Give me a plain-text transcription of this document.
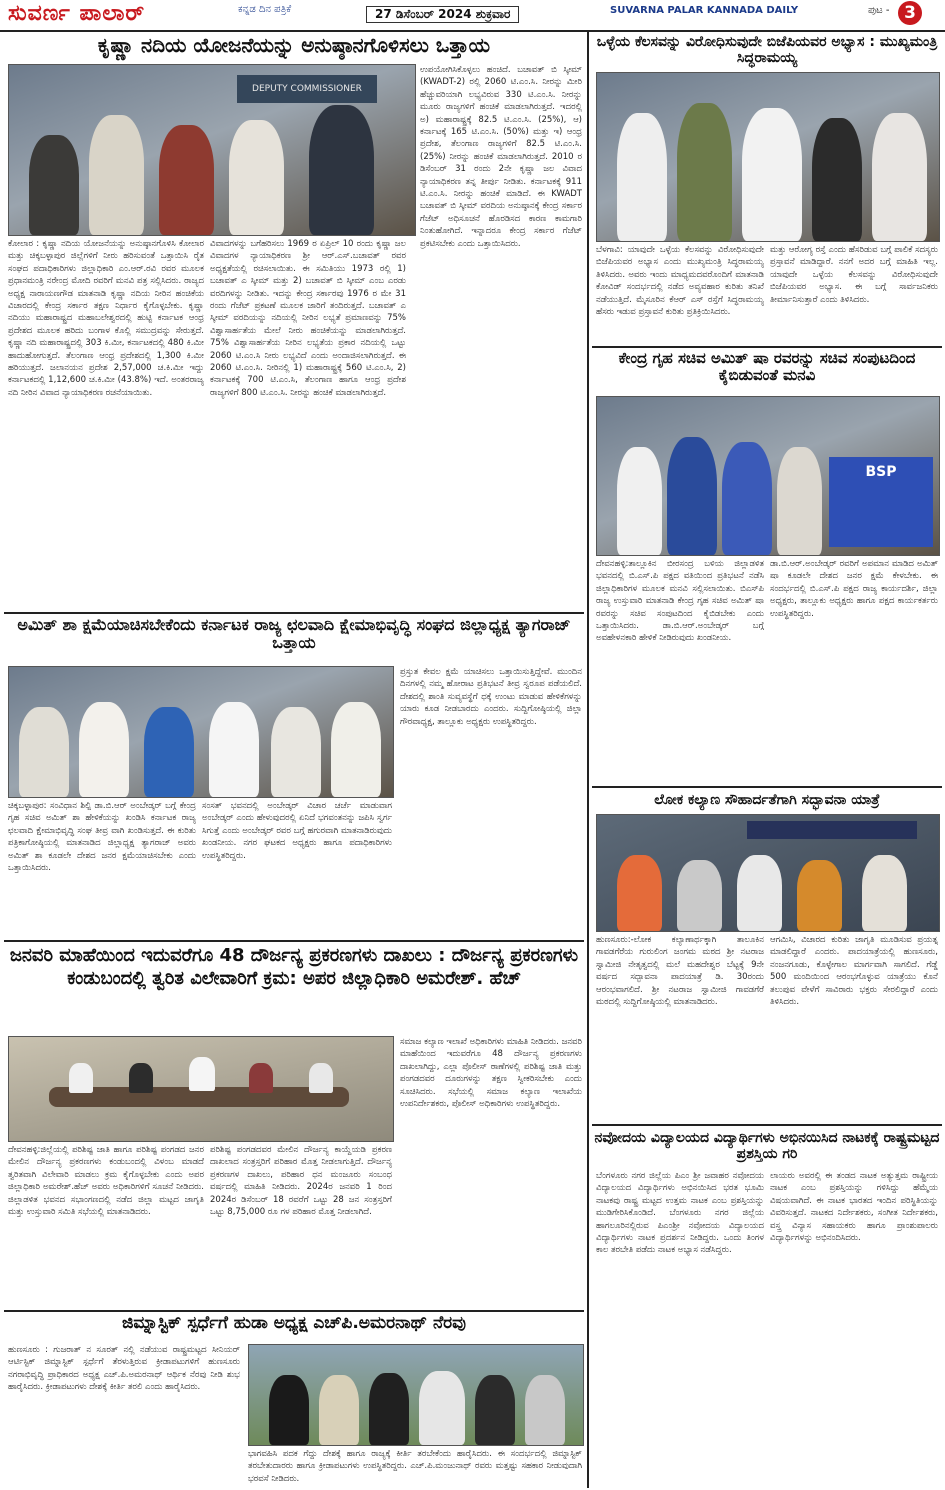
ಸುವರ್ಣ ಪಾಲಾರ್	ಕನ್ನಡ ದಿನ ಪತ್ರಿಕೆ	27 ಡಿಸೆಂಬರ್ 2024 ಶುಕ್ರವಾರ	SUVARNA PALAR KANNADA DAILY	ಪುಟ - 3
ಕೃಷ್ಣಾ ನದಿಯ ಯೋಜನೆಯನ್ನು ಅನುಷ್ಠಾನಗೊಳಿಸಲು ಒತ್ತಾಯ
DEPUTY COMMISSIONER
ಕೋಲಾರ : ಕೃಷ್ಣಾ ನದಿಯ ಯೋಜನೆಯನ್ನು ಅನುಷ್ಠಾನಗೊಳಿಸಿ ಕೋಲಾರ ಮತ್ತು ಚಿಕ್ಕಬಳ್ಳಾಪುರ ಜಿಲ್ಲೆಗಳಿಗೆ ನೀರು ಹರಿಸುವಂತೆ ಒತ್ತಾಯಿಸಿ ರೈತ ಸಂಘದ ಪದಾಧಿಕಾರಿಗಳು ಜಿಲ್ಲಾಧಿಕಾರಿ ಎಂ.ಆರ್.ರವಿ ರವರ ಮೂಲಕ ಪ್ರಧಾನಮಂತ್ರಿ ನರೇಂದ್ರ ಮೋದಿ ರವರಿಗೆ ಮನವಿ ಪತ್ರ ಸಲ್ಲಿಸಿದರು. ರಾಜ್ಯದ ಅಧ್ಯಕ್ಷ ನಾರಾಯಣಗೌಡ ಮಾತನಾಡಿ ಕೃಷ್ಣಾ ನದಿಯ ನೀರಿನ ಹಂಚಿಕೆಯ ವಿಚಾರದಲ್ಲಿ ಕೇಂದ್ರ ಸರ್ಕಾರ ತಕ್ಷಣ ನಿರ್ಧಾರ ಕೈಗೊಳ್ಳಬೇಕು. ಕೃಷ್ಣಾ ನದಿಯು ಮಹಾರಾಷ್ಟ್ರದ ಮಹಾಬಲೇಶ್ವರದಲ್ಲಿ ಹುಟ್ಟಿ ಕರ್ನಾಟಕ ಆಂಧ್ರ ಪ್ರದೇಶದ ಮೂಲಕ ಹರಿದು ಬಂಗಾಳ ಕೊಲ್ಲಿ ಸಮುದ್ರವನ್ನು ಸೇರುತ್ತದೆ. ಕೃಷ್ಣಾ ನದಿ ಮಹಾರಾಷ್ಟ್ರದಲ್ಲಿ 303 ಕಿ.ಮೀ, ಕರ್ನಾಟಕದಲ್ಲಿ 480 ಕಿ.ಮೀ ಹಾದುಹೋಗುತ್ತದೆ. ತೆಲಂಗಾಣ ಆಂಧ್ರ ಪ್ರದೇಶದಲ್ಲಿ 1,300 ಕಿ.ಮೀ ಹರಿಯುತ್ತದೆ. ಜಲಾನಯನ ಪ್ರದೇಶ 2,57,000 ಚ.ಕಿ.ಮೀ ಇದ್ದು ಕರ್ನಾಟಕದಲ್ಲಿ 1,12,600 ಚ.ಕಿ.ಮೀ (43.8%) ಇದೆ. ಅಂತರರಾಜ್ಯ ನದಿ ನೀರಿನ ವಿವಾದ ನ್ಯಾಯಾಧಿಕರಣ ರಚನೆಯಾಯಿತು.
ವಿವಾದಗಳನ್ನು ಬಗೆಹರಿಸಲು 1969 ರ ಏಪ್ರಿಲ್ 10 ರಂದು ಕೃಷ್ಣಾ ಜಲ ವಿವಾದಗಳ ನ್ಯಾಯಾಧಿಕರಣ ಶ್ರೀ ಆರ್.ಎಸ್.ಬಚಾವತ್ ರವರ ಅಧ್ಯಕ್ಷತೆಯಲ್ಲಿ ರಚಿಸಲಾಯಿತು. ಈ ಸಮಿತಿಯು 1973 ರಲ್ಲಿ 1) ಬಚಾವತ್ ಎ ಸ್ಕೀಮ್ ಮತ್ತು 2) ಬಚಾವತ್ ಬಿ ಸ್ಕೀಮ್ ಎಂಬ ಎರಡು ವರದಿಗಳನ್ನು ನೀಡಿತು. ಇದನ್ನು ಕೇಂದ್ರ ಸರ್ಕಾರವು 1976 ರ ಮೇ 31 ರಂದು ಗೆಜೆಟ್ ಪ್ರಕಟಣೆ ಮೂಲಕ ಜಾರಿಗೆ ತಂದಿರುತ್ತದೆ. ಬಚಾವತ್ ಎ ಸ್ಕೀಮ್ ವರದಿಯನ್ನು ನದಿಯಲ್ಲಿ ನೀರಿನ ಲಭ್ಯತೆ ಪ್ರಮಾಣವನ್ನು 75% ವಿಶ್ವಾಸಾರ್ಹತೆಯ ಮೇಲೆ ನೀರು ಹಂಚಿಕೆಯನ್ನು ಮಾಡಲಾಗಿರುತ್ತದೆ. 75% ವಿಶ್ವಾಸಾರ್ಹತೆಯ ನೀರಿನ ಲಭ್ಯತೆಯ ಪ್ರಕಾರ ನದಿಯಲ್ಲಿ ಒಟ್ಟು 2060 ಟಿ.ಎಂ.ಸಿ ನೀರು ಲಭ್ಯವಿದೆ ಎಂದು ಅಂದಾಜಿಸಲಾಗಿರುತ್ತದೆ. ಈ 2060 ಟಿ.ಎಂ.ಸಿ. ನೀರಿನಲ್ಲಿ 1) ಮಹಾರಾಷ್ಟ್ರಕ್ಕೆ 560 ಟಿ.ಎಂ.ಸಿ, 2) ಕರ್ನಾಟಕಕ್ಕೆ 700 ಟಿ.ಎಂ.ಸಿ, ತೆಲಂಗಾಣ ಹಾಗೂ ಆಂಧ್ರ ಪ್ರದೇಶ ರಾಜ್ಯಗಳಿಗೆ 800 ಟಿ.ಎಂ.ಸಿ. ನೀರನ್ನು ಹಂಚಿಕೆ ಮಾಡಲಾಗಿರುತ್ತದೆ.
ಉಪಯೋಗಿಸಿಕೊಳ್ಳಲು ಹಂಚಿದೆ. ಬಚಾವತ್ ಬಿ ಸ್ಕೀಮ್ (KWADT-2) ರಲ್ಲಿ 2060 ಟಿ.ಎಂ.ಸಿ. ನೀರನ್ನು ಮೀರಿ ಹೆಚ್ಚುವರಿಯಾಗಿ ಲಭ್ಯವಿರುವ 330 ಟಿ.ಎಂ.ಸಿ. ನೀರನ್ನು ಮೂರು ರಾಜ್ಯಗಳಿಗೆ ಹಂಚಿಕೆ ಮಾಡಲಾಗಿರುತ್ತದೆ. ಇದರಲ್ಲಿ ಅ) ಮಹಾರಾಷ್ಟ್ರಕ್ಕೆ 82.5 ಟಿ.ಎಂ.ಸಿ. (25%), ಆ) ಕರ್ನಾಟಕ್ಕೆ 165 ಟಿ.ಎಂ.ಸಿ. (50%) ಮತ್ತು ಇ) ಆಂಧ್ರ ಪ್ರದೇಶ, ತೆಲಂಗಾಣ ರಾಜ್ಯಗಳಿಗೆ 82.5 ಟಿ.ಎಂ.ಸಿ. (25%) ನೀರನ್ನು ಹಂಚಿಕೆ ಮಾಡಲಾಗಿರುತ್ತದೆ. 2010 ರ ಡಿಸೆಂಬರ್ 31 ರಂದು 2ನೇ ಕೃಷ್ಣಾ ಜಲ ವಿವಾದ ನ್ಯಾಯಾಧಿಕರಣ ತನ್ನ ತೀರ್ಪು ನೀಡಿತು. ಕರ್ನಾಟಕಕ್ಕೆ 911 ಟಿ.ಎಂ.ಸಿ. ನೀರನ್ನು ಹಂಚಿಕೆ ಮಾಡಿದೆ. ಈ KWADT ಬಚಾವತ್ ಬಿ ಸ್ಕೀಮ್ ವರದಿಯ ಅನುಷ್ಠಾನಕ್ಕೆ ಕೇಂದ್ರ ಸರ್ಕಾರ ಗೆಜೆಟ್ ಅಧಿಸೂಚನೆ ಹೊರಡಿಸದ ಕಾರಣ ಕಾಮಗಾರಿ ನಿಂತುಹೋಗಿದೆ. ಇನ್ನಾದರೂ ಕೇಂದ್ರ ಸರ್ಕಾರ ಗೆಜೆಟ್ ಪ್ರಕಟಿಸಬೇಕು ಎಂದು ಒತ್ತಾಯಿಸಿದರು.
ಒಳ್ಳೆಯ ಕೆಲಸವನ್ನು ವಿರೋಧಿಸುವುದೇ ಬಿಜೆಪಿಯವರ ಅಭ್ಯಾಸ : ಮುಖ್ಯಮಂತ್ರಿ ಸಿದ್ಧರಾಮಯ್ಯ
ಬೆಳಗಾವಿ: ಯಾವುದೇ ಒಳ್ಳೆಯ ಕೆಲಸವನ್ನು ವಿರೋಧಿಸುವುದೇ ಬಿಜೆಪಿಯವರ ಅಭ್ಯಾಸ ಎಂದು ಮುಖ್ಯಮಂತ್ರಿ ಸಿದ್ಧರಾಮಯ್ಯ ತಿಳಿಸಿದರು. ಅವರು ಇಂದು ಮಾಧ್ಯಮದವರೊಂದಿಗೆ ಮಾತನಾಡಿ ಕೋವಿಡ್ ಸಂದರ್ಭದಲ್ಲಿ ನಡೆದ ಅವ್ಯವಹಾರ ಕುರಿತು ತನಿಖೆ ನಡೆಯುತ್ತಿದೆ. ಮೈಸೂರಿನ ಕೆಆರ್ ಎಸ್ ರಸ್ತೆಗೆ ಸಿದ್ಧರಾಮಯ್ಯ ಹೆಸರು ಇಡುವ ಪ್ರಸ್ತಾವನೆ ಕುರಿತು ಪ್ರತಿಕ್ರಿಯಿಸಿದರು.
ಮತ್ತು ಆರೋಗ್ಯ ರಸ್ತೆ ಎಂದು ಹೆಸರಿಡುವ ಬಗ್ಗೆ ಪಾಲಿಕೆ ಸದಸ್ಯರು ಪ್ರಸ್ತಾವನೆ ಮಾಡಿದ್ದಾರೆ. ನನಗೆ ಅದರ ಬಗ್ಗೆ ಮಾಹಿತಿ ಇಲ್ಲ. ಯಾವುದೇ ಒಳ್ಳೆಯ ಕೆಲಸವನ್ನು ವಿರೋಧಿಸುವುದೇ ಬಿಜೆಪಿಯವರ ಅಭ್ಯಾಸ. ಈ ಬಗ್ಗೆ ಸಾರ್ವಜನಿಕರು ತೀರ್ಮಾನಿಸುತ್ತಾರೆ ಎಂದು ತಿಳಿಸಿದರು.
ಕೇಂದ್ರ ಗೃಹ ಸಚಿವ ಅಮಿತ್ ಷಾ ರವರನ್ನು ಸಚಿವ ಸಂಪುಟದಿಂದ ಕೈಬಿಡುವಂತೆ ಮನವಿ
BSP
ದೇವನಹಳ್ಳಿ:ತಾಲ್ಲೂಕಿನ ಬೀರಸಂದ್ರ ಬಳಿಯ ಜಿಲ್ಲಾಡಳಿತ ಭವನದಲ್ಲಿ ಬಿ.ಎಸ್.ಪಿ ಪಕ್ಷದ ವತಿಯಿಂದ ಪ್ರತಿಭಟನೆ ನಡೆಸಿ ಜಿಲ್ಲಾಧಿಕಾರಿಗಳ ಮೂಲಕ ಮನವಿ ಸಲ್ಲಿಸಲಾಯಿತು. ಬಿಎಸ್‌ಪಿ ರಾಜ್ಯ ಉಸ್ತುವಾರಿ ಮಾತನಾಡಿ ಕೇಂದ್ರ ಗೃಹ ಸಚಿವ ಅಮಿತ್ ಷಾ ರವರನ್ನು ಸಚಿವ ಸಂಪುಟದಿಂದ ಕೈಬಿಡಬೇಕು ಎಂದು ಒತ್ತಾಯಿಸಿದರು. ಡಾ.ಬಿ.ಆರ್.ಅಂಬೇಡ್ಕರ್ ಬಗ್ಗೆ ಅವಹೇಳನಕಾರಿ ಹೇಳಿಕೆ ನೀಡಿರುವುದು ಖಂಡನೀಯ.
ಡಾ.ಬಿ.ಆರ್.ಅಂಬೇಡ್ಕರ್ ರವರಿಗೆ ಅಪಮಾನ ಮಾಡಿದ ಅಮಿತ್ ಷಾ ಕೂಡಲೇ ದೇಶದ ಜನರ ಕ್ಷಮೆ ಕೇಳಬೇಕು. ಈ ಸಂದರ್ಭದಲ್ಲಿ ಬಿ.ಎಸ್.ಪಿ ಪಕ್ಷದ ರಾಜ್ಯ ಕಾರ್ಯದರ್ಶಿ, ಜಿಲ್ಲಾ ಅಧ್ಯಕ್ಷರು, ತಾಲ್ಲೂಕು ಅಧ್ಯಕ್ಷರು ಹಾಗೂ ಪಕ್ಷದ ಕಾರ್ಯಕರ್ತರು ಉಪಸ್ಥಿತರಿದ್ದರು.
ಲೋಕ ಕಲ್ಯಾಣ ಸೌಹಾರ್ದತೆಗಾಗಿ ಸದ್ಭಾವನಾ ಯಾತ್ರೆ
ಹುಣಸೂರು:-ಲೋಕ ಕಲ್ಯಾಣಾರ್ಥಕ್ಕಾಗಿ ತಾಲೂಕಿನ ಗಾವಡಗೆರೆಯ ಗುರುಲಿಂಗ ಜಂಗಮ ಮಠದ ಶ್ರೀ ನಟರಾಜ ಸ್ವಾಮೀಜಿ ನೇತೃತ್ವದಲ್ಲಿ ಮಲೆ ಮಹದೇಶ್ವರ ಬೆಟ್ಟಕ್ಕೆ 9ನೇ ವರ್ಷದ ಸದ್ಭಾವನಾ ಪಾದಯಾತ್ರೆ ಡಿ. 30ರಂದು ಆರಂಭವಾಗಲಿದೆ. ಶ್ರೀ ನಟರಾಜ ಸ್ವಾಮೀಜಿ ಗಾವಡಗೆರೆ ಮಠದಲ್ಲಿ ಸುದ್ದಿಗೋಷ್ಠಿಯಲ್ಲಿ ಮಾತನಾಡಿದರು.
ಆಗಮಿಸಿ, ವಿಚಾರದ ಕುರಿತು ಜಾಗೃತಿ ಮೂಡಿಸುವ ಪ್ರಯತ್ನ ಮಾಡಲಿದ್ದಾರೆ ಎಂದರು. ಪಾದಯಾತ್ರೆಯಲ್ಲಿ ಹುಣಸೂರು, ನಂಜನಗೂಡು, ಕೊಳ್ಳೇಗಾಲ ಮಾರ್ಗವಾಗಿ ಸಾಗಲಿದೆ. ಗೆಡ್ಡೆ 500 ಮಂದಿಯಿಂದ ಆರಂಭಗೊಳ್ಳುವ ಯಾತ್ರೆಯು ಕೊನೆ ತಲುಪುವ ವೇಳೆಗೆ ಸಾವಿರಾರು ಭಕ್ತರು ಸೇರಲಿದ್ದಾರೆ ಎಂದು ತಿಳಿಸಿದರು.
ಅಮಿತ್ ಶಾ ಕ್ಷಮೆಯಾಚಿಸಬೇಕೆಂದು ಕರ್ನಾಟಕ ರಾಜ್ಯ ಛಲವಾದಿ ಕ್ಷೇಮಾಭಿವೃದ್ಧಿ ಸಂಘದ ಜಿಲ್ಲಾಧ್ಯಕ್ಷ ತ್ಯಾಗರಾಜ್ ಒತ್ತಾಯ
ಚಿಕ್ಕಬಳ್ಳಾಪುರ: ಸಂವಿಧಾನ ಶಿಲ್ಪಿ ಡಾ.ಬಿ.ಆರ್ ಅಂಬೇಡ್ಕರ್ ಬಗ್ಗೆ ಕೇಂದ್ರ ಗೃಹ ಸಚಿವ ಅಮಿತ್ ಶಾ ಹೇಳಿಕೆಯನ್ನು ಖಂಡಿಸಿ ಕರ್ನಾಟಕ ರಾಜ್ಯ ಛಲವಾದಿ ಕ್ಷೇಮಾಭಿವೃದ್ಧಿ ಸಂಘ ತೀವ್ರ ವಾಗಿ ಖಂಡಿಸುತ್ತದೆ. ಈ ಕುರಿತು ಪತ್ರಿಕಾಗೋಷ್ಠಿಯಲ್ಲಿ ಮಾತನಾಡಿದ ಜಿಲ್ಲಾಧ್ಯಕ್ಷ ತ್ಯಾಗರಾಜ್ ಅವರು ಅಮಿತ್ ಶಾ ಕೂಡಲೇ ದೇಶದ ಜನರ ಕ್ಷಮೆಯಾಚಿಸಬೇಕು ಎಂದು ಒತ್ತಾಯಿಸಿದರು.
ಸಂಸತ್ ಭವನದಲ್ಲಿ ಅಂಬೇಡ್ಕರ್ ವಿಚಾರ ಚರ್ಚೆ ಮಾಡುವಾಗ ಅಂಬೇಡ್ಕರ್ ಎಂದು ಹೇಳುವುದರಲ್ಲಿ ಏನಿದೆ ಭಗವಂತನನ್ನು ಜಪಿಸಿ ಸ್ವರ್ಗ ಸಿಗುತ್ತೆ ಎಂದು ಅಂಬೇಡ್ಕರ್ ರವರ ಬಗ್ಗೆ ಹಗುರವಾಗಿ ಮಾತನಾಡಿರುವುದು ಖಂಡನೀಯ. ನಗರ ಘಟಕದ ಅಧ್ಯಕ್ಷರು ಹಾಗೂ ಪದಾಧಿಕಾರಿಗಳು ಉಪಸ್ಥಿತರಿದ್ದರು.
ಪ್ರಸ್ತುತ ಕೇವಲ ಕ್ಷಮೆ ಯಾಚಿಸಲು ಒತ್ತಾಯಿಸುತ್ತಿದ್ದೇವೆ. ಮುಂದಿನ ದಿನಗಳಲ್ಲಿ ನಮ್ಮ ಹೋರಾಟ ಪ್ರತಿಭಟನೆ ತೀವ್ರ ಸ್ವರೂಪ ಪಡೆಯಲಿದೆ. ದೇಶದಲ್ಲಿ ಶಾಂತಿ ಸುವ್ಯವಸ್ಥೆಗೆ ಧಕ್ಕೆ ಉಂಟು ಮಾಡುವ ಹೇಳಿಕೆಗಳನ್ನು ಯಾರು ಕೂಡ ನೀಡಬಾರದು ಎಂದರು. ಸುದ್ದಿಗೋಷ್ಠಿಯಲ್ಲಿ ಜಿಲ್ಲಾ ಗೌರವಾಧ್ಯಕ್ಷ, ತಾಲ್ಲೂಕು ಅಧ್ಯಕ್ಷರು ಉಪಸ್ಥಿತರಿದ್ದರು.
ಜನವರಿ ಮಾಹೆಯಿಂದ ಇದುವರೆಗೂ 48 ದೌರ್ಜನ್ಯ ಪ್ರಕರಣಗಳು ದಾಖಲು : ದೌರ್ಜನ್ಯ ಪ್ರಕರಣಗಳು ಕಂಡುಬಂದಲ್ಲಿ ತ್ವರಿತ ವಿಲೇವಾರಿಗೆ ಕ್ರಮ: ಅಪರ ಜಿಲ್ಲಾಧಿಕಾರಿ ಅಮರೇಶ್. ಹೆಚ್
ದೇವನಹಳ್ಳಿ:ಜಿಲ್ಲೆಯಲ್ಲಿ ಪರಿಶಿಷ್ಟ ಜಾತಿ ಹಾಗೂ ಪರಿಶಿಷ್ಟ ಪಂಗಡದ ಜನರ ಮೇಲಿನ ದೌರ್ಜನ್ಯ ಪ್ರಕರಣಗಳು ಕಂಡುಬಂದಲ್ಲಿ ವಿಳಂಬ ಮಾಡದೆ ತ್ವರಿತವಾಗಿ ವಿಲೇವಾರಿ ಮಾಡಲು ಕ್ರಮ ಕೈಗೊಳ್ಳಬೇಕು ಎಂದು ಅಪರ ಜಿಲ್ಲಾಧಿಕಾರಿ ಅಮರೇಶ್.ಹೆಚ್ ಅವರು ಅಧಿಕಾರಿಗಳಿಗೆ ಸೂಚನೆ ನೀಡಿದರು. ಜಿಲ್ಲಾಡಳಿತ ಭವನದ ಸಭಾಂಗಣದಲ್ಲಿ ನಡೆದ ಜಿಲ್ಲಾ ಮಟ್ಟದ ಜಾಗೃತಿ ಮತ್ತು ಉಸ್ತುವಾರಿ ಸಮಿತಿ ಸಭೆಯಲ್ಲಿ ಮಾತನಾಡಿದರು.
ಪರಿಶಿಷ್ಟ ಪಂಗಡದವರ ಮೇಲಿನ ದೌರ್ಜನ್ಯ ಕಾಯ್ದೆಯಡಿ ಪ್ರಕರಣ ದಾಖಲಾದ ಸಂತ್ರಸ್ತರಿಗೆ ಪರಿಹಾರ ಮೊತ್ತ ನೀಡಲಾಗುತ್ತಿದೆ. ದೌರ್ಜನ್ಯ ಪ್ರಕರಣಗಳ ದಾಖಲು, ಪರಿಹಾರ ಧನ ಮಂಜೂರು ಸಂಬಂಧ ವರ್ಷದಲ್ಲಿ ಮಾಹಿತಿ ನೀಡಿದರು. 2024ರ ಜನವರಿ 1 ರಿಂದ 2024ರ ಡಿಸೆಂಬರ್ 18 ರವರೆಗೆ ಒಟ್ಟು 28 ಜನ ಸಂತ್ರಸ್ತರಿಗೆ ಒಟ್ಟು 8,75,000 ರೂ ಗಳ ಪರಿಹಾರ ಮೊತ್ತ ನೀಡಲಾಗಿದೆ.
ಸಮಾಜ ಕಲ್ಯಾಣ ಇಲಾಖೆ ಅಧಿಕಾರಿಗಳು ಮಾಹಿತಿ ನೀಡಿದರು. ಜನವರಿ ಮಾಹೆಯಿಂದ ಇದುವರೆಗೂ 48 ದೌರ್ಜನ್ಯ ಪ್ರಕರಣಗಳು ದಾಖಲಾಗಿದ್ದು, ಎಲ್ಲಾ ಪೊಲೀಸ್ ಠಾಣೆಗಳಲ್ಲಿ ಪರಿಶಿಷ್ಟ ಜಾತಿ ಮತ್ತು ಪಂಗಡದವರ ದೂರುಗಳನ್ನು ತಕ್ಷಣ ಸ್ವೀಕರಿಸಬೇಕು ಎಂದು ಸೂಚಿಸಿದರು. ಸಭೆಯಲ್ಲಿ ಸಮಾಜ ಕಲ್ಯಾಣ ಇಲಾಖೆಯ ಉಪನಿರ್ದೇಶಕರು, ಪೊಲೀಸ್ ಅಧಿಕಾರಿಗಳು ಉಪಸ್ಥಿತರಿದ್ದರು.
ನವೋದಯ ವಿದ್ಯಾಲಯದ ವಿದ್ಯಾರ್ಥಿಗಳು ಅಭಿನಯಿಸಿದ ನಾಟಕಕ್ಕೆ ರಾಷ್ಟ್ರಮಟ್ಟದ ಪ್ರಶಸ್ತಿಯ ಗರಿ
ಬೆಂಗಳೂರು ನಗರ ಜಿಲ್ಲೆಯ ಪಿಎಂ ಶ್ರೀ ಜವಾಹರ ನವೋದಯ ವಿದ್ಯಾಲಯದ ವಿದ್ಯಾರ್ಥಿಗಳು ಅಭಿನಯಿಸಿದ ಭರತ ಭೂಮಿ ನಾಟಕವು ರಾಷ್ಟ್ರ ಮಟ್ಟದ ಉತ್ತಮ ನಾಟಕ ಎಂಬ ಪ್ರಶಸ್ತಿಯನ್ನು ಮುಡಿಗೇರಿಸಿಕೊಂಡಿದೆ. ಬೆಂಗಳೂರು ನಗರ ಜಿಲ್ಲೆಯ ಹಾಗಲೂರಿನಲ್ಲಿರುವ ಪಿಎಂಶ್ರೀ ನವೋದಯ ವಿದ್ಯಾಲಯದ ವಿದ್ಯಾರ್ಥಿಗಳು ನಾಟಕ ಪ್ರದರ್ಶನ ನೀಡಿದ್ದರು. ಒಂದು ತಿಂಗಳ ಕಾಲ ತರಬೇತಿ ಪಡೆದು ನಾಟಕ ಅಭ್ಯಾಸ ನಡೆಸಿದ್ದರು.
ಲಾಯರು ಅವರಲ್ಲಿ ಈ ತಂಡದ ನಾಟಕ ಅತ್ಯುತ್ತಮ ರಾಷ್ಟ್ರೀಯ ನಾಟಕ ಎಂಬ ಪ್ರಶಸ್ತಿಯನ್ನು ಗಳಿಸಿದ್ದು ಹೆಮ್ಮೆಯ ವಿಷಯವಾಗಿದೆ. ಈ ನಾಟಕ ಭಾರತದ ಇಂದಿನ ಪರಿಸ್ಥಿತಿಯನ್ನು ವಿವರಿಸುತ್ತದೆ. ನಾಟಕದ ನಿರ್ದೇಶಕರು, ಸಂಗೀತ ನಿರ್ದೇಶಕರು, ವಸ್ತ್ರ ವಿನ್ಯಾಸ ಸಹಾಯಕರು ಹಾಗೂ ಪ್ರಾಂಶುಪಾಲರು ವಿದ್ಯಾರ್ಥಿಗಳನ್ನು ಅಭಿನಂದಿಸಿದರು.
ಜಿಮ್ನಾಸ್ಟಿಕ್ ಸ್ಪರ್ಧೆಗೆ ಹುಡಾ ಅಧ್ಯಕ್ಷ ಎಚ್‌ಪಿ.ಅಮರನಾಥ್ ನೆರವು
ಹುಣಸೂರು : ಗುಜರಾತ್ ನ ಸೂರತ್ ನಲ್ಲಿ ನಡೆಯುವ ರಾಷ್ಟ್ರಮಟ್ಟದ ಸೀನಿಯರ್ ಆರ್ಟಿಸ್ಟಿಕ್ ಜಿಮ್ನಾಸ್ಟಿಕ್ ಸ್ಪರ್ಧೆಗೆ ತೆರಳುತ್ತಿರುವ ಕ್ರೀಡಾಪಟುಗಳಿಗೆ ಹುಣಸೂರು ನಗರಾಭಿವೃದ್ಧಿ ಪ್ರಾಧಿಕಾರದ ಅಧ್ಯಕ್ಷ ಎಚ್.ಪಿ.ಅಮರನಾಥ್ ಆರ್ಥಿಕ ನೆರವು ನೀಡಿ ಶುಭ ಹಾರೈಸಿದರು. ಕ್ರೀಡಾಪಟುಗಳು ದೇಶಕ್ಕೆ ಕೀರ್ತಿ ತರಲಿ ಎಂದು ಹಾರೈಸಿದರು.
ಭಾಗವಹಿಸಿ ಪದಕ ಗೆದ್ದು ದೇಶಕ್ಕೆ ಹಾಗೂ ರಾಜ್ಯಕ್ಕೆ ಕೀರ್ತಿ ತರಬೇಕೆಂದು ಹಾರೈಸಿದರು. ಈ ಸಂದರ್ಭದಲ್ಲಿ ಜಿಮ್ನಾಸ್ಟಿಕ್ ತರಬೇತುದಾರರು ಹಾಗೂ ಕ್ರೀಡಾಪಟುಗಳು ಉಪಸ್ಥಿತರಿದ್ದರು. ಎಚ್.ಪಿ.ಮಂಜುನಾಥ್ ರವರು ಮತ್ತಷ್ಟು ಸಹಕಾರ ನೀಡುವುದಾಗಿ ಭರವಸೆ ನೀಡಿದರು.
